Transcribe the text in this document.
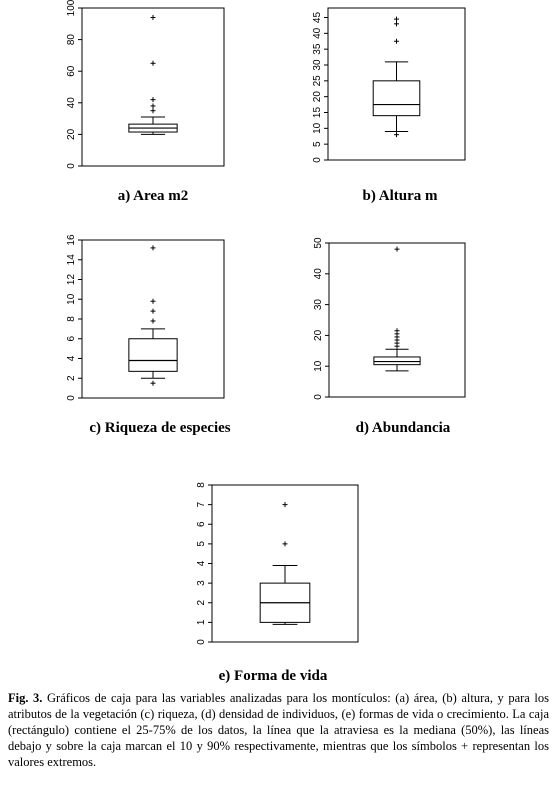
0
20
40
60
80
100
a) Area m2
0
5
10
15
20
25
30
35
40
45
b) Altura m
0
2
4
6
8
10
12
14
16
c) Riqueza de especies
0
10
20
30
40
50
d) Abundancia
0
1
2
3
4
5
6
7
8
e) Forma de vida
Fig. 3. Gráficos de caja para las variables analizadas para los montículos: (a) área, (b) altura, y para los atributos de la vegetación (c) riqueza, (d) densidad de individuos, (e) formas de vida o crecimiento. La caja (rectángulo) contiene el 25-75% de los datos, la línea que la atraviesa es la mediana (50%), las líneas debajo y sobre la caja marcan el 10 y 90% respectivamente, mientras que los símbolos + representan los valores extremos.
